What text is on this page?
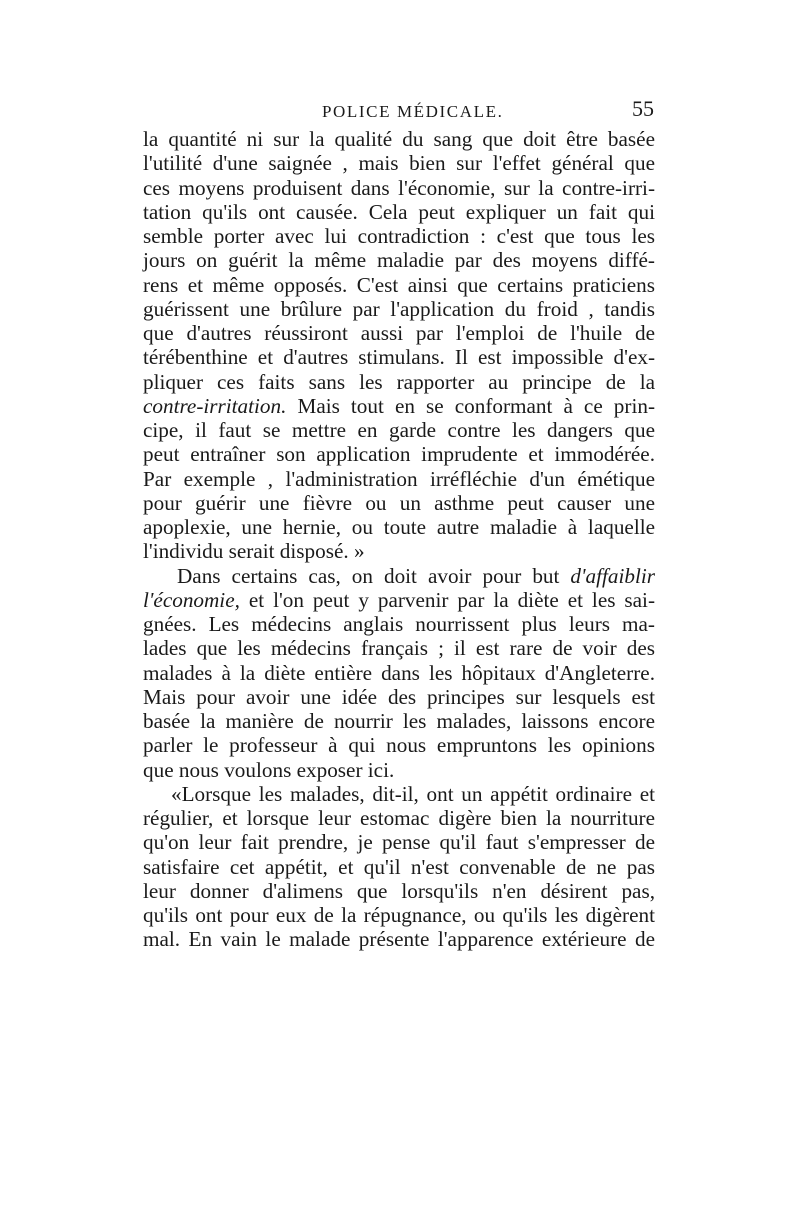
POLICE MÉDICALE.	55
la quantité ni sur la qualité du sang que doit être basée
l'utilité d'une saignée , mais bien sur l'effet général que
ces moyens produisent dans l'économie, sur la contre-irri-
tation qu'ils ont causée. Cela peut expliquer un fait qui
semble porter avec lui contradiction : c'est que tous les
jours on guérit la même maladie par des moyens diffé-
rens et même opposés. C'est ainsi que certains praticiens
guérissent une brûlure par l'application du froid , tandis
que d'autres réussiront aussi par l'emploi de l'huile de
térébenthine et d'autres stimulans. Il est impossible d'ex-
pliquer ces faits sans les rapporter au principe de la
contre-irritation. Mais tout en se conformant à ce prin-
cipe, il faut se mettre en garde contre les dangers que
peut entraîner son application imprudente et immodérée.
Par exemple , l'administration irréfléchie d'un émétique
pour guérir une fièvre ou un asthme peut causer une
apoplexie, une hernie, ou toute autre maladie à laquelle
l'individu serait disposé. »
Dans certains cas, on doit avoir pour but d'affaiblir
l'économie, et l'on peut y parvenir par la diète et les sai-
gnées. Les médecins anglais nourrissent plus leurs ma-
lades que les médecins français ; il est rare de voir des
malades à la diète entière dans les hôpitaux d'Angleterre.
Mais pour avoir une idée des principes sur lesquels est
basée la manière de nourrir les malades, laissons encore
parler le professeur à qui nous empruntons les opinions
que nous voulons exposer ici.
«Lorsque les malades, dit-il, ont un appétit ordinaire et
régulier, et lorsque leur estomac digère bien la nourriture
qu'on leur fait prendre, je pense qu'il faut s'empresser de
satisfaire cet appétit, et qu'il n'est convenable de ne pas
leur donner d'alimens que lorsqu'ils n'en désirent pas,
qu'ils ont pour eux de la répugnance, ou qu'ils les digèrent
mal. En vain le malade présente l'apparence extérieure de
